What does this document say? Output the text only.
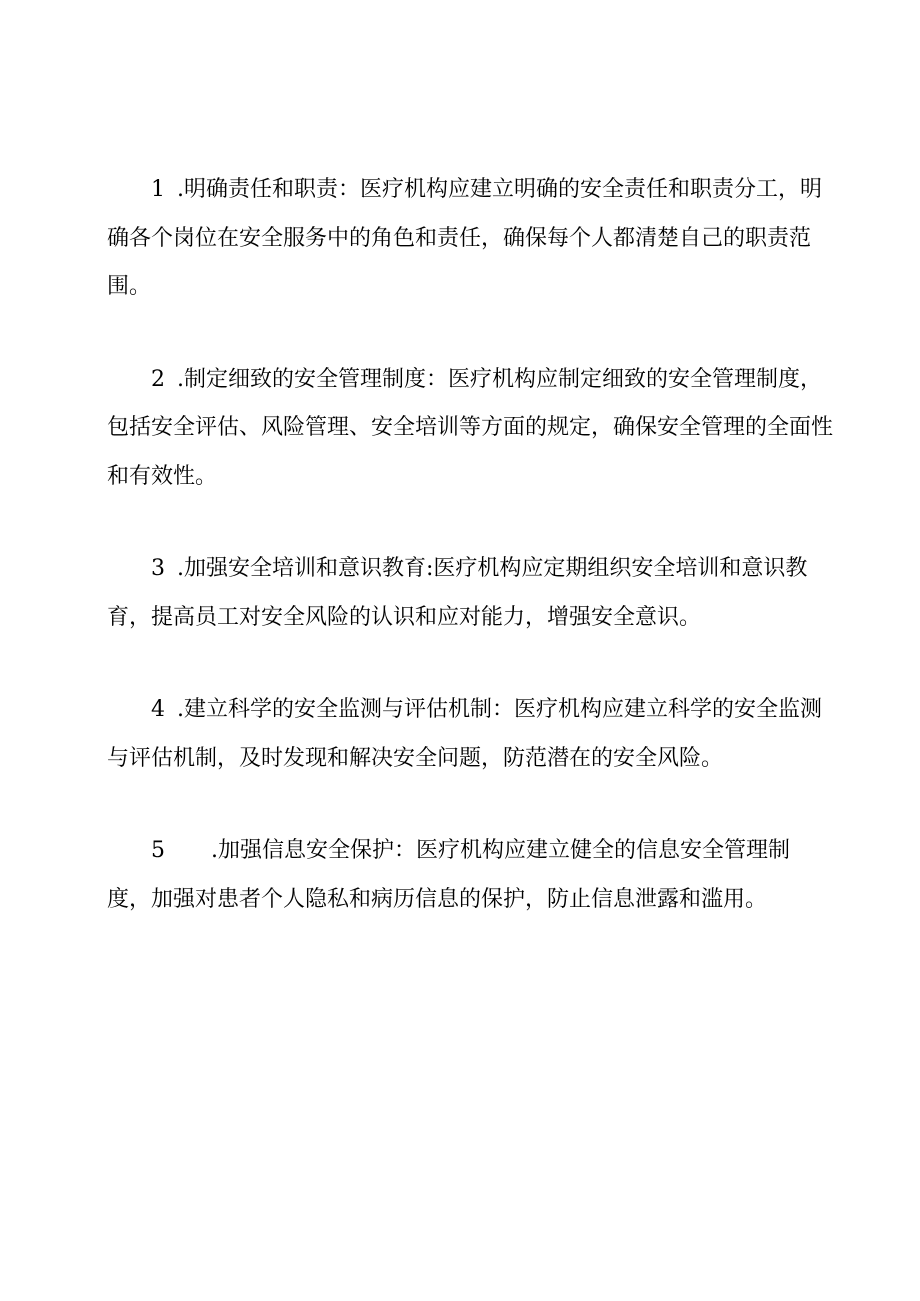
1 .明确责任和职责：医疗机构应建立明确的安全责任和职责分工，明确各个岗位在安全服务中的角色和责任，确保每个人都清楚自己的职责范围。

2 .制定细致的安全管理制度：医疗机构应制定细致的安全管理制度，包括安全评估、风险管理、安全培训等方面的规定，确保安全管理的全面性和有效性。

3 .加强安全培训和意识教育:医疗机构应定期组织安全培训和意识教育，提高员工对安全风险的认识和应对能力，增强安全意识。

4 .建立科学的安全监测与评估机制：医疗机构应建立科学的安全监测与评估机制，及时发现和解决安全问题，防范潜在的安全风险。

5 .加强信息安全保护：医疗机构应建立健全的信息安全管理制度，加强对患者个人隐私和病历信息的保护，防止信息泄露和滥用。
